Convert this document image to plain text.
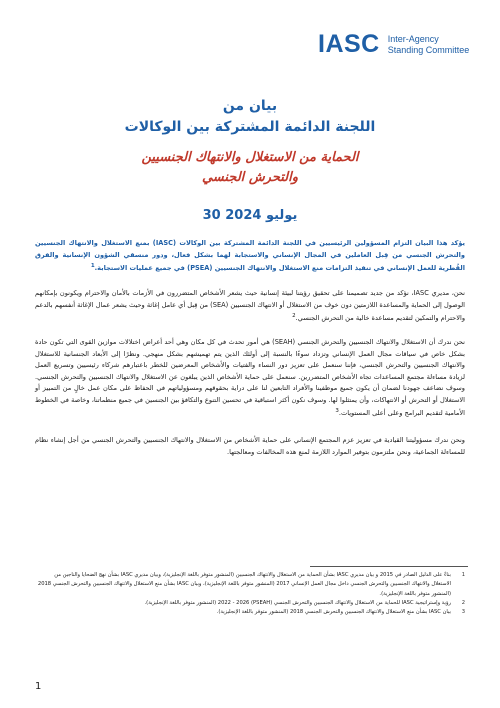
IASC Inter-Agency
Standing Committee
بيان من
اللجنة الدائمة المشتركة بين الوكالات
الحماية من الاستغلال والانتهاك الجنسيين
والتحرش الجنسي
30 يوليو 2024
يؤكد هذا البيان التزام المسؤولين الرئيسيين في اللجنة الدائمة المشتركة بين الوكالات (IASC) بمنع الاستغلال والانتهاك الجنسيين والتحرش الجنسي من قِبل العاملين في المجال الإنساني والاستجابة لهما بشكل فعال، ودور منسقي الشؤون الإنسانية والفرق القُطرية للعمل الإنساني في تنفيذ التزامات منع الاستغلال والانتهاك الجنسيين (PSEA) في جميع عمليات الاستجابة.$^1$
نحن، مديري IASC، نؤكد من جديد تصميمنا على تحقيق رؤيتنا لبيئة إنسانية حيث يشعر الأشخاص المتضررون في الأزمات بالأمان والاحترام ويكونون بإمكانهم الوصول إلى الحماية والمساعدة اللازمتين دون خوف من الاستغلال أو الانتهاك الجنسيين (SEA) من قِبل أي عامل إغاثة وحيث يشعر عمال الإغاثة أنفسهم بالدعم والاحترام والتمكين لتقديم مساعدة خالية من التحرش الجنسي.$^2$
نحن ندرك أن الاستغلال والانتهاك الجنسيين والتحرش الجنسي (SEAH) هي أمور تحدث في كل مكان وهي أحد أعراض اختلالات موازين القوى التي تكون حادة بشكل خاص في سياقات مجال العمل الإنساني وتزداد سوءًا بالنسبة إلى أولئك الذين يتم تهميشهم بشكل منهجي. ونظرًا إلى الأبعاد الجنسانية للاستغلال والانتهاك الجنسيين والتحرش الجنسي، فإننا سنعمل على تعزيز دور النساء والفتيات والأشخاص المعرضين للخطر باعتبارهم شركاء رئيسيين وتسريع العمل لزيادة مساءلة مجتمع المساعدات تجاه الأشخاص المتضررين. سنعمل على حماية الأشخاص الذين يبلغون عن الاستغلال والانتهاك الجنسيين والتحرش الجنسي. وسوف نضاعف جهودنا لضمان أن يكون جميع موظفينا والأفراد التابعين لنا على دراية بحقوقهم ومسؤولياتهم في الحفاظ على مكان عمل خالٍ من التمييز أو الاستغلال أو التحرش أو الانتهاكات، وأن يمتثلوا لها. وسوف نكون أكثر استباقية في تحسين التنوع والتكافؤ بين الجنسين في جميع منظماتنا، وخاصة في الخطوط الأمامية لتقديم البرامج وعلى أعلى المستويات.$^3$
ونحن ندرك مسؤوليتنا القيادية في تعزيز عزم المجتمع الإنساني على حماية الأشخاص من الاستغلال والانتهاك الجنسيين والتحرش الجنسي من أجل إنشاء نظام للمساءلة الجماعية، ونحن ملتزمون بتوفير الموارد اللازمة لمنع هذه المخالفات ومعالجتها.
1
بناءً على الدليل الصادر في 2015 و بيان مديري IASC بشأن الحماية من الاستغلال والانتهاك الجنسيين (المنشور متوفر باللغة الإنجليزية)، وبيان مديري IASC بشأن نهج الضحايا والناجين من الاستغلال والانتهاك الجنسيين والتحرش الجنسي داخل مجال العمل الإنساني 2017 (المنشور متوفر باللغة الإنجليزية)، وبيان IASC بشأن منع الاستغلال والانتهاك الجنسيين والتحرش الجنسي 2018 (المنشور متوفر باللغة الإنجليزية).
2
رؤية وإستراتيجية IASC للحماية من الاستغلال والانتهاك الجنسيين والتحرش الجنسي (PSEAH) 2022 - 2026 (المنشور متوفر باللغة الإنجليزية).
3
بيان IASC بشأن منع الاستغلال والانتهاك الجنسيين والتحرش الجنسي 2018 (المنشور متوفر باللغة الإنجليزية).
1
